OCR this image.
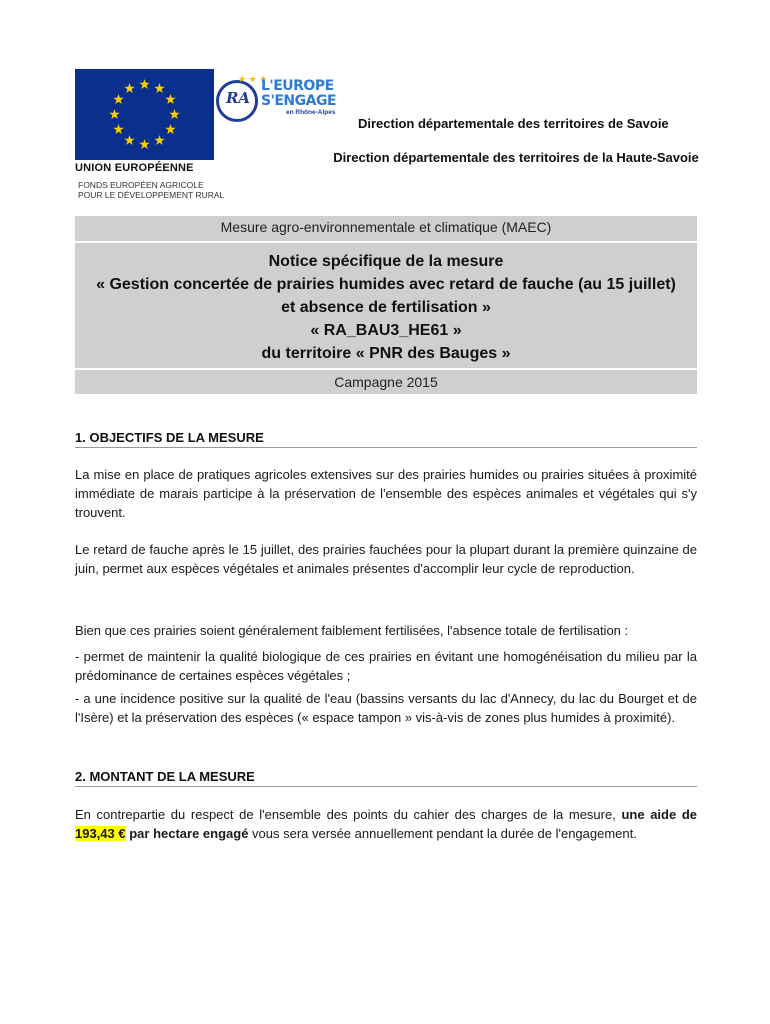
UNION EUROPÉENNE
FONDS EUROPÉEN AGRICOLE
POUR LE DÉVELOPPEMENT RURAL
RA
★ ★ ★
L'EUROPE
S'ENGAGE
en Rhône-Alpes
Direction départementale des territoires de Savoie
Direction départementale des territoires de la Haute-Savoie
Mesure agro-environnementale et climatique (MAEC)
Notice spécifique de la mesure
« Gestion concertée de prairies humides avec retard de fauche (au 15 juillet)
et absence de fertilisation »
« RA_BAU3_HE61 »
du territoire « PNR des Bauges »
Campagne 2015
1. OBJECTIFS DE LA MESURE
La mise en place de pratiques agricoles extensives sur des prairies humides ou prairies situées à proximité immédiate de marais participe à la préservation de l'ensemble des espèces animales et végétales qui s'y trouvent.
Le retard de fauche après le 15 juillet, des prairies fauchées pour la plupart durant la première quinzaine de juin, permet aux espèces végétales et animales présentes d'accomplir leur cycle de reproduction.
Bien que ces prairies soient généralement faiblement fertilisées, l'absence totale de fertilisation :
- permet de maintenir la qualité biologique de ces prairies en évitant une homogénéisation du milieu par la prédominance de certaines espèces végétales ;
- a une incidence positive sur la qualité de l'eau (bassins versants du lac d'Annecy, du lac du Bourget et de l'Isère) et la préservation des espèces (« espace tampon » vis-à-vis de zones plus humides à proximité).
2. MONTANT DE LA MESURE
En contrepartie du respect de l'ensemble des points du cahier des charges de la mesure, une aide de 193,43 € par hectare engagé vous sera versée annuellement pendant la durée de l'engagement.
